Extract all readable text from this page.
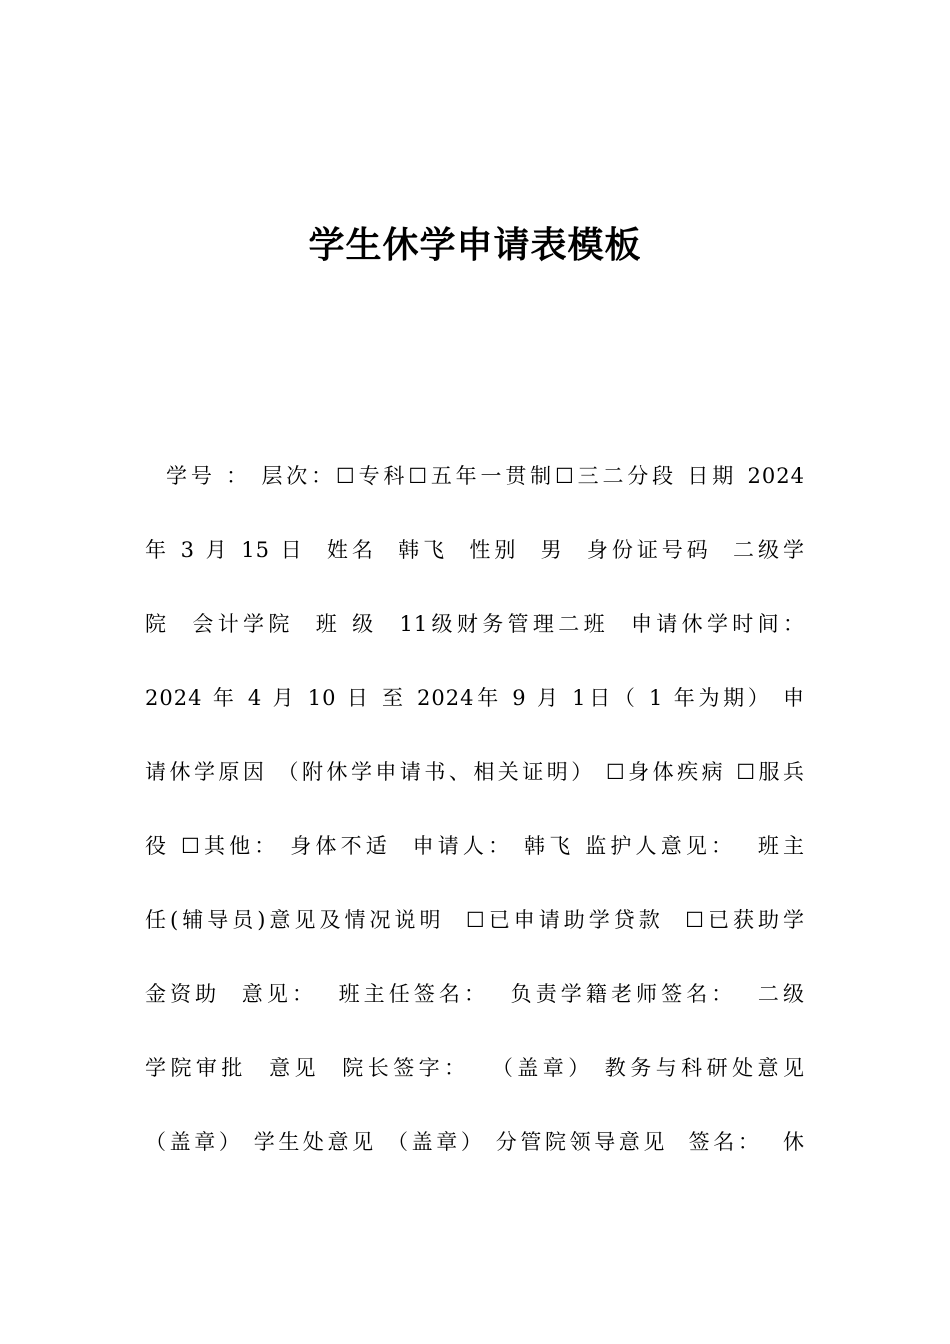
学生休学申请表模板
学号 ： 层次：☐专科☐五年一贯制☐三二分段 日期 2024
年 3 月 15 日  姓名  韩飞  性别  男  身份证号码  二级学
院  会计学院  班 级  11级财务管理二班  申请休学时间：
2024 年 4 月 10 日 至 2024年 9 月 1日（ 1 年为期） 申
请休学原因 （附休学申请书、相关证明） ☐身体疾病 ☐服兵
役 ☐其他： 身体不适  申请人： 韩飞 监护人意见：  班主
任(辅导员)意见及情况说明  ☐已申请助学贷款  ☐已获助学
金资助  意见：  班主任签名：  负责学籍老师签名：  二级
学院审批  意见  院长签字：  （盖章） 教务与科研处意见
（盖章） 学生处意见 （盖章） 分管院领导意见  签名：  休
